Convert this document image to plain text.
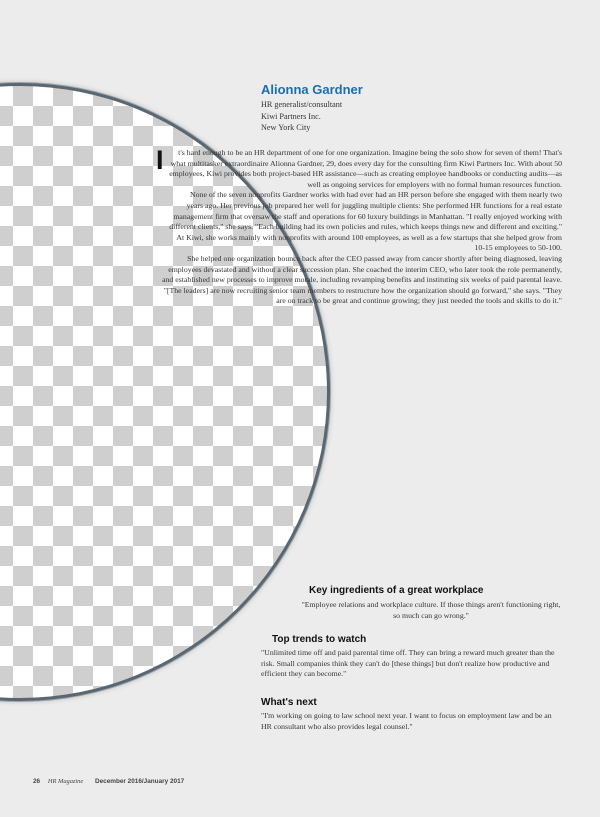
Alionna Gardner
HR generalist/consultant
Kiwi Partners Inc.
New York City

I t's hard enough to be an HR department of one for one organization. Imagine being the solo show for seven of them! That's what multitasker extraordinaire Alionna Gardner, 29, does every day for the consulting firm Kiwi Partners Inc. With about 50 employees, Kiwi provides both project-based HR assistance—such as creating employee handbooks or conducting audits—as well as ongoing services for employers with no formal human resources function.

None of the seven nonprofits Gardner works with had ever had an HR person before she engaged with them nearly two years ago. Her previous job prepared her well for juggling multiple clients: She performed HR functions for a real estate management firm that oversaw the staff and operations for 60 luxury buildings in Manhattan. "I really enjoyed working with different clients," she says. "Each building had its own policies and rules, which keeps things new and different and exciting."

At Kiwi, she works mainly with nonprofits with around 100 employees, as well as a few startups that she helped grow from 10-15 employees to 50-100.

She helped one organization bounce back after the CEO passed away from cancer shortly after being diagnosed, leaving employees devastated and without a clear succession plan. She coached the interim CEO, who later took the role permanently, and established new processes to improve morale, including revamping benefits and instituting six weeks of paid parental leave. "[The leaders] are now recruiting senior team members to restructure how the organization should go forward," she says. "They are on track to be great and continue growing; they just needed the tools and skills to do it."

Key ingredients of a great workplace
"Employee relations and workplace culture. If those things aren't functioning right, so much can go wrong."
Top trends to watch
"Unlimited time off and paid parental time off. They can bring a reward much greater than the risk. Small companies think they can't do [these things] but don't realize how productive and efficient they can become."
What's next
"I'm working on going to law school next year. I want to focus on employment law and be an HR consultant who also provides legal counsel."
26 HR Magazine December 2016/January 2017
